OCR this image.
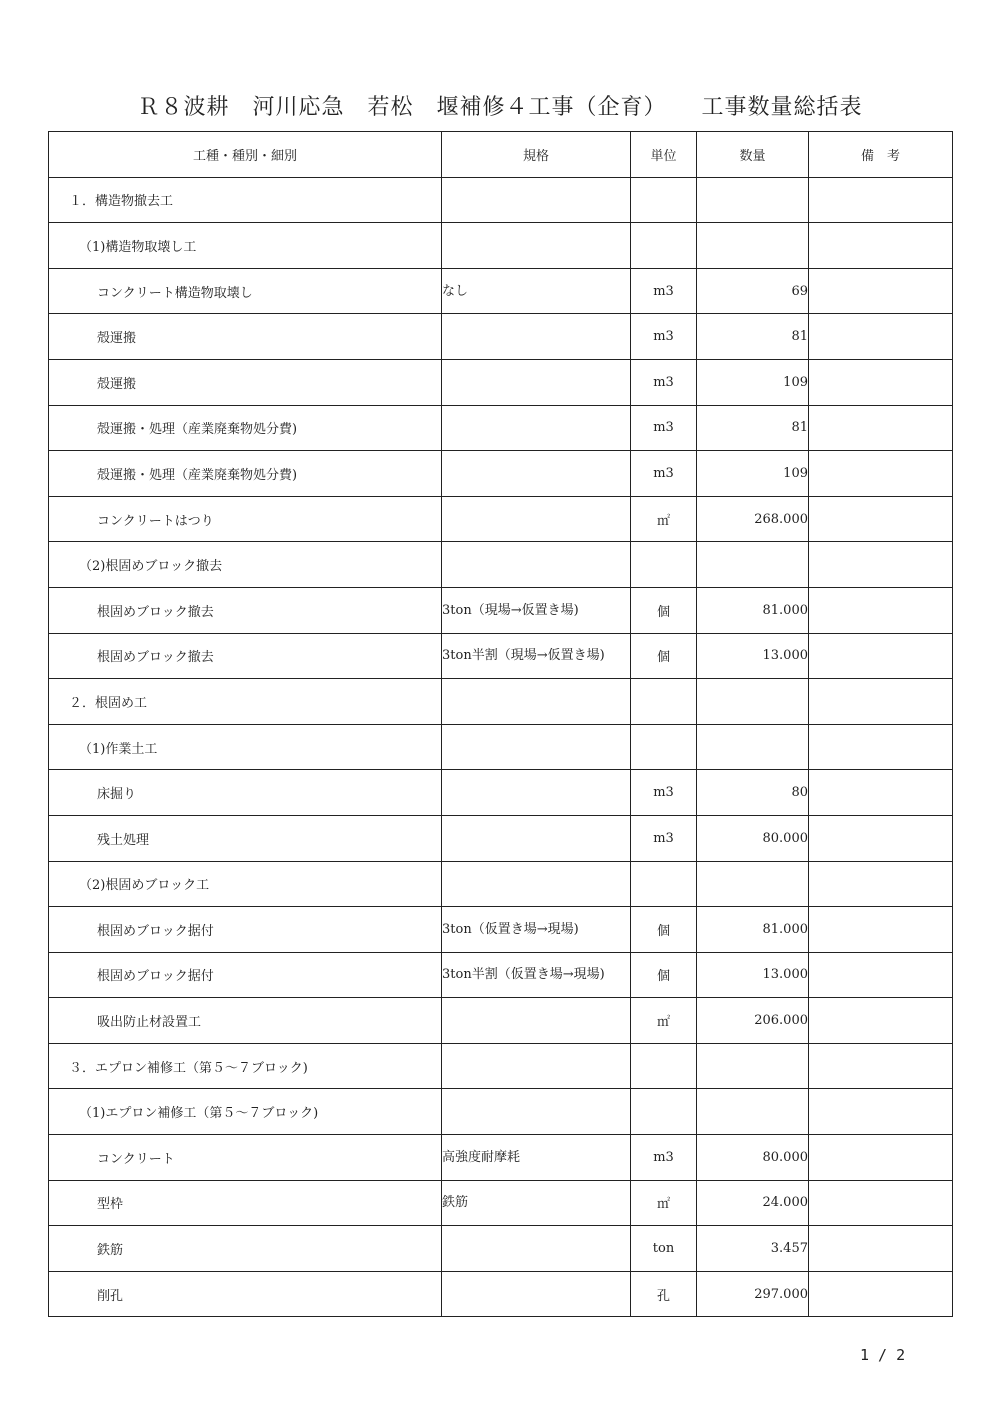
Ｒ８波耕　河川応急　若松　堰補修４工事（企育）　　工事数量総括表
工種・種別・細別	規格	単位	数量	備　考
１．構造物撤去工				
（1)構造物取壊し工				
コンクリート構造物取壊し	なし	m3	69	
殻運搬		m3	81	
殻運搬		m3	109	
殻運搬・処理（産業廃棄物処分費)		m3	81	
殻運搬・処理（産業廃棄物処分費)		m3	109	
コンクリートはつり		㎡	268.000	
（2)根固めブロック撤去				
根固めブロック撤去	3ton（現場→仮置き場)	個	81.000	
根固めブロック撤去	3ton半割（現場→仮置き場)	個	13.000	
２．根固め工				
（1)作業土工				
床掘り		m3	80	
残土処理		m3	80.000	
（2)根固めブロック工				
根固めブロック据付	3ton（仮置き場→現場)	個	81.000	
根固めブロック据付	3ton半割（仮置き場→現場)	個	13.000	
吸出防止材設置工		㎡	206.000	
３．エプロン補修工（第５～７ブロック)				
（1)エプロン補修工（第５～７ブロック)				
コンクリート	高強度耐摩耗	m3	80.000	
型枠	鉄筋	㎡	24.000	
鉄筋		ton	3.457	
削孔		孔	297.000	
1 / 2
